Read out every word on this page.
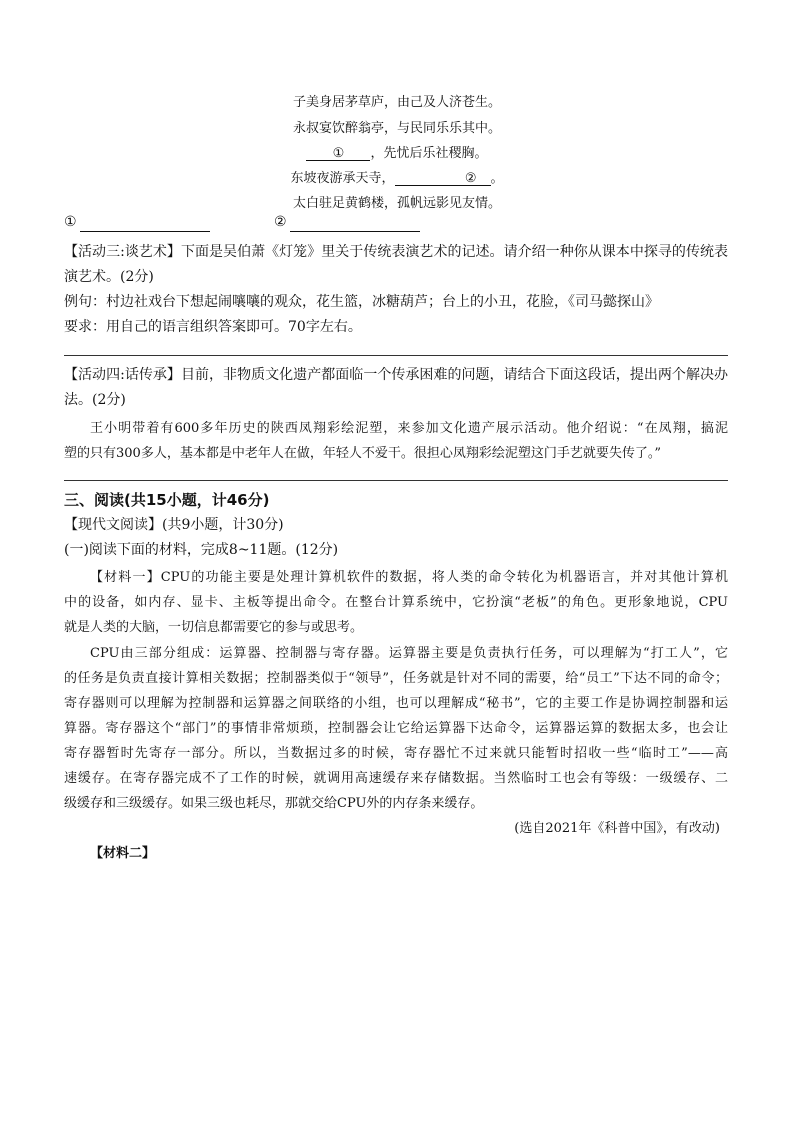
子美身居茅草庐，由己及人济苍生。
永叔宴饮醉翁亭，与民同乐乐其中。
① ，先忧后乐社稷胸。
东坡夜游承天寺，	② 。
太白驻足黄鹤楼，孤帆远影见友情。
①	②
【活动三:谈艺术】下面是吴伯萧《灯笼》里关于传统表演艺术的记述。请介绍一种你从课本中探寻的传统表
演艺术。(2分)
例句：村边社戏台下想起闹嚷嚷的观众，花生篮，冰糖葫芦；台上的小丑，花脸，《司马懿探山》
要求：用自己的语言组织答案即可。70字左右。
【活动四:话传承】目前，非物质文化遗产都面临一个传承困难的问题，请结合下面这段话，提出两个解决办
法。(2分)
王小明带着有600多年历史的陕西凤翔彩绘泥塑，来参加文化遗产展示活动。他介绍说：“在凤翔，搞泥
塑的只有300多人，基本都是中老年人在做，年轻人不爱干。很担心凤翔彩绘泥塑这门手艺就要失传了。”
三、阅读(共15小题，计46分)
【现代文阅读】(共9小题，计30分)
(一)阅读下面的材料，完成8~11题。(12分)
【材料一】CPU的功能主要是处理计算机软件的数据，将人类的命令转化为机器语言，并对其他计算机
中的设备，如内存、显卡、主板等提出命令。在整台计算系统中，它扮演“老板”的角色。更形象地说，CPU
就是人类的大脑，一切信息都需要它的参与或思考。
CPU由三部分组成：运算器、控制器与寄存器。运算器主要是负责执行任务，可以理解为“打工人”，它
的任务是负责直接计算相关数据；控制器类似于“领导”，任务就是针对不同的需要，给“员工”下达不同的命令；
寄存器则可以理解为控制器和运算器之间联络的小组，也可以理解成“秘书”，它的主要工作是协调控制器和运
算器。寄存器这个“部门”的事情非常烦琐，控制器会让它给运算器下达命令，运算器运算的数据太多，也会让
寄存器暂时先寄存一部分。所以，当数据过多的时候，寄存器忙不过来就只能暂时招收一些“临时工”——高
速缓存。在寄存器完成不了工作的时候，就调用高速缓存来存储数据。当然临时工也会有等级：一级缓存、二
级缓存和三级缓存。如果三级也耗尽，那就交给CPU外的内存条来缓存。
(选自2021年《科普中国》，有改动)
【材料二】
